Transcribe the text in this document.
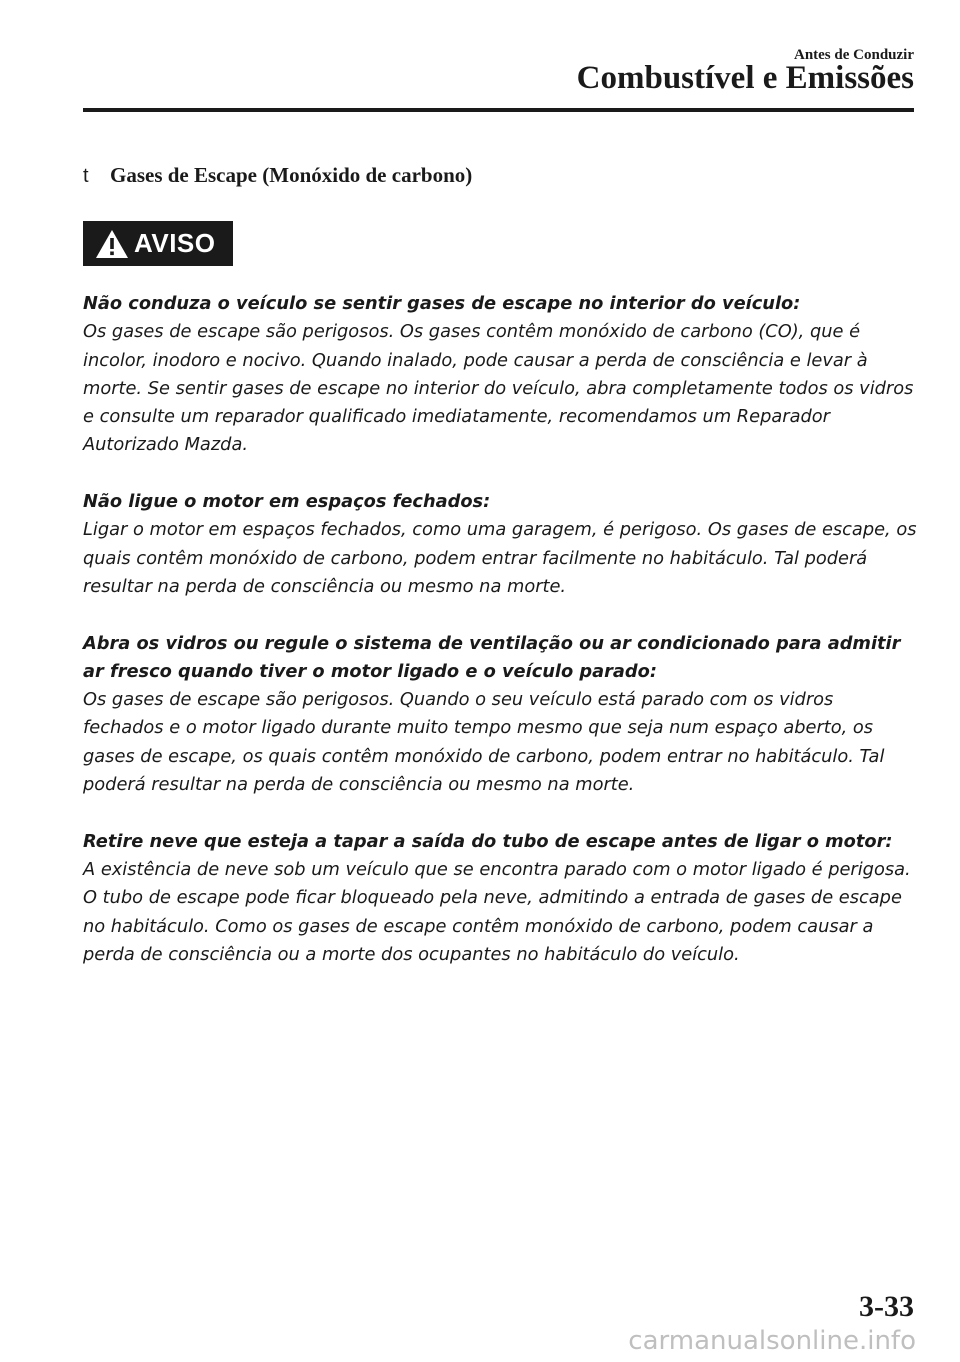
Antes de Conduzir
Combustível e Emissões
t	Gases de Escape (Monóxido de carbono)
AVISO
Não conduza o veículo se sentir gases de escape no interior do veículo:
Os gases de escape são perigosos. Os gases contêm monóxido de carbono (CO), que é incolor, inodoro e nocivo. Quando inalado, pode causar a perda de consciência e levar à morte. Se sentir gases de escape no interior do veículo, abra completamente todos os vidros e consulte um reparador qualificado imediatamente, recomendamos um Reparador Autorizado Mazda.
Não ligue o motor em espaços fechados:
Ligar o motor em espaços fechados, como uma garagem, é perigoso. Os gases de escape, os quais contêm monóxido de carbono, podem entrar facilmente no habitáculo. Tal poderá resultar na perda de consciência ou mesmo na morte.
Abra os vidros ou regule o sistema de ventilação ou ar condicionado para admitir ar fresco quando tiver o motor ligado e o veículo parado:
Os gases de escape são perigosos. Quando o seu veículo está parado com os vidros fechados e o motor ligado durante muito tempo mesmo que seja num espaço aberto, os gases de escape, os quais contêm monóxido de carbono, podem entrar no habitáculo. Tal poderá resultar na perda de consciência ou mesmo na morte.
Retire neve que esteja a tapar a saída do tubo de escape antes de ligar o motor:
A existência de neve sob um veículo que se encontra parado com o motor ligado é perigosa. O tubo de escape pode ficar bloqueado pela neve, admitindo a entrada de gases de escape no habitáculo. Como os gases de escape contêm monóxido de carbono, podem causar a perda de consciência ou a morte dos ocupantes no habitáculo do veículo.
3-33
carmanualsonline.info
